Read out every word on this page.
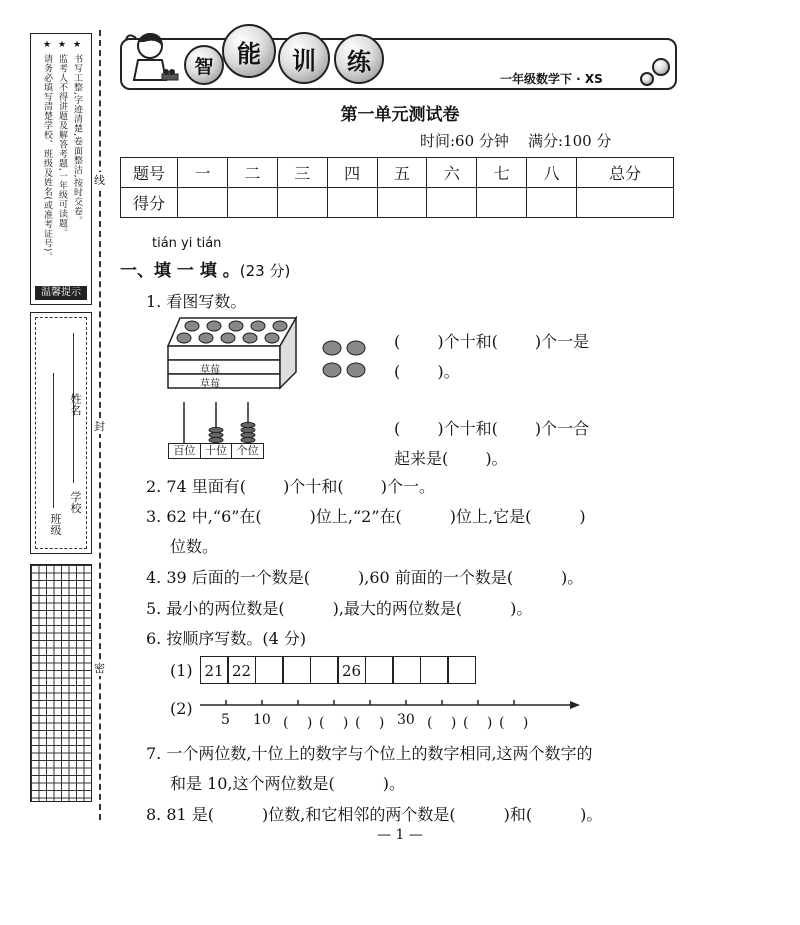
★ 请务必填写清楚学校、班级及姓名(或准考证号)。 ★ 监考人不得讲题及解答考题,一年级可读题。 ★ 书写工整,字迹清楚,卷面整洁,按时交卷。
温馨提示
学校
班级
姓名
线
封
密
智 能	训	练
一年级数学下 · XS
第一单元测试卷
时间:60 分钟    满分:100 分
题号	一	二	三	四	五	六	七	八	总分
得分									
tián yi tián
一、填 一 填 。(23 分)
1. 看图写数。
草莓
草莓
(　　 )个十和(　　 )个一是
(　　 )。
百位 十位 个位
(　　 )个十和(　　 )个一合
起来是(　　 )。
2. 74 里面有(　　 )个十和(　　 )个一。
3. 62 中,“6”在(　　　)位上,“2”在(　　　)位上,它是(　　　)
位数。
4. 39 后面的一个数是(　　　),60 前面的一个数是(　　　)。
5. 最小的两位数是(　　　),最大的两位数是(　　　)。
6. 按顺序写数。(4 分)
(1) 21 22	26
(2)
5 10 (　 ) (　 ) (　 ) 30 (　 ) (　 ) (　 )
7. 一个两位数,十位上的数字与个位上的数字相同,这两个数字的
和是 10,这个两位数是(　　　)。
8. 81 是(　　　)位数,和它相邻的两个数是(　　　)和(　　　)。
— 1 —
